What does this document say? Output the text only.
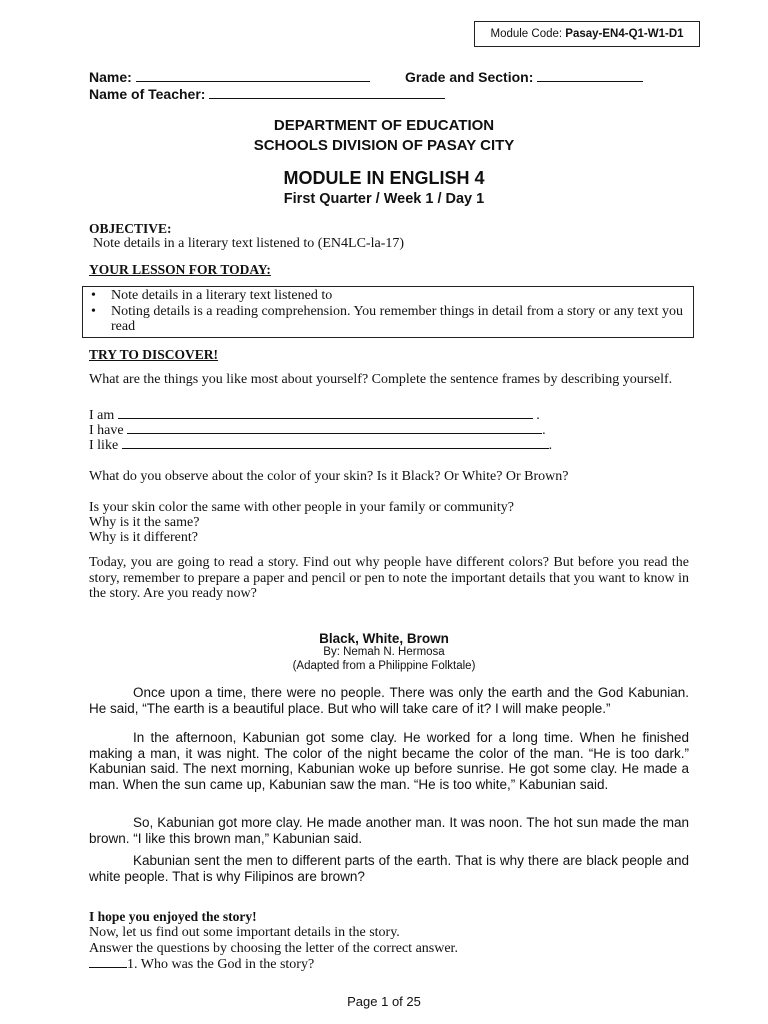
Module Code: Pasay-EN4-Q1-W1-D1
Name:	Grade and Section:
Name of Teacher:
DEPARTMENT OF EDUCATION
SCHOOLS DIVISION OF PASAY CITY
MODULE IN ENGLISH 4
First Quarter / Week 1 / Day 1
OBJECTIVE:
Note details in a literary text listened to (EN4LC-la-17)
YOUR LESSON FOR TODAY:
• Note details in a literary text listened to
• Noting details is a reading comprehension. You remember things in detail from a story or any text you read
TRY TO DISCOVER!
What are the things you like most about yourself? Complete the sentence frames by describing yourself.
I am	.
I have	.
I like	.
What do you observe about the color of your skin? Is it Black? Or White? Or Brown?
Is your skin color the same with other people in your family or community?
Why is it the same?
Why is it different?
Today, you are going to read a story. Find out why people have different colors? But before you read the story, remember to prepare a paper and pencil or pen to note the important details that you want to know in the story. Are you ready now?
Black, White, Brown
By: Nemah N. Hermosa
(Adapted from a Philippine Folktale)
Once upon a time, there were no people. There was only the earth and the God Kabunian. He said, “The earth is a beautiful place. But who will take care of it? I will make people.”
In the afternoon, Kabunian got some clay. He worked for a long time. When he finished making a man, it was night. The color of the night became the color of the man. “He is too dark.” Kabunian said. The next morning, Kabunian woke up before sunrise. He got some clay. He made a man. When the sun came up, Kabunian saw the man. “He is too white,” Kabunian said.
So, Kabunian got more clay. He made another man. It was noon. The hot sun made the man brown. “I like this brown man,” Kabunian said.
Kabunian sent the men to different parts of the earth. That is why there are black people and white people. That is why Filipinos are brown?
I hope you enjoyed the story!
Now, let us find out some important details in the story.
Answer the questions by choosing the letter of the correct answer.
1. Who was the God in the story?
Page 1 of 25
